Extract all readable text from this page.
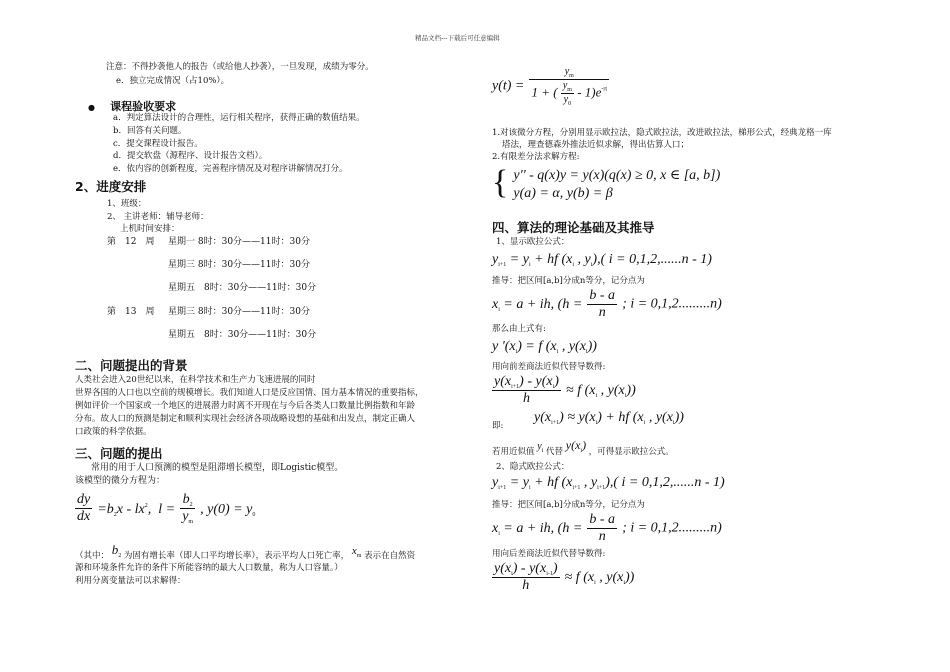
精品文档---下载后可任意编辑
注意：不得抄袭他人的报告（或给他人抄袭），一旦发现，成绩为零分。
e．独立完成情况（占10%）。
● 课程验收要求
a．判定算法设计的合理性，运行相关程序，获得正确的数值结果。
b．回答有关问题。
c．提交课程设计报告。
d．提交软盘（源程序、设计报告文档）。
e．依内容的创新程度，完善程序情况及对程序讲解情况打分。
2、进度安排
1、班级：
2、 主讲老师：辅导老师：
上机时间安排：
第　12　周 星期一 8时：30分——11时：30分
星期三 8时：30分——11时：30分
星期五　8时：30分——11时：30分
第　13　周 星期三 8时：30分——11时：30分
星期五　8时：30分——11时：30分
二、问题提出的背景
人类社会进入20世纪以来，在科学技术和生产力飞速进展的同时
世界各国的人口也以空前的规模增长。我们知道人口是反应国情、国力基本情况的重要指标，
例如评价一个国家或一个地区的进展潜力时离不开现在与今后各类人口数量比例指数和年龄
分布。故人口的预测是制定和顺利实现社会经济各项战略设想的基础和出发点，制定正确人
口政策的科学依据。
三、问题的提出
常用的用于人口预测的模型是阻滞增长模型，即Logistic模型。
该模型的微分方程为：
$\frac{dy}{dx} =b_2x - lx^2$,  $l = \frac{b_2}{y_m}$ , $y(0) = y_0$
（其中： $b_2$ 为固有增长率（即人口平均增长率），表示平均人口死亡率， $x_m$ 表示在自然资
源和环境条件允许的条件下所能容纳的最大人口数量，称为人口容量。）
利用分离变量法可以求解得：
$y(t) = \frac{y_m}{1 + ( \frac{y_m}{y_0} - 1)e^{-rt}}$
1.对该微分方程，分别用显示欧拉法，隐式欧拉法，改进欧拉法，梯形公式，经典龙格一库
塔法，理查德森外推法近似求解，得出估算人口；
2.有限差分法求解方程:
{ y'' - q(x)y = y(x)(q(x) ≥ 0, x ∈ [a, b])
y(a) = α, y(b) = β
四、算法的理论基础及其推导
1、显示欧拉公式：
$y_{i+1} = y_i$ + hf ($x_i$ , $y_i$),( i = 0,1,2,......n - 1)
推导：把区间[a,b]分成n等分，记分点为
$x_i = a$ + ih, ($h = \frac{b - a}{n}$ ; i = 0,1,2.........n)
那么由上式有:
y '$(x_i) = f$ ($x_i$ , $y(x_i)$)
用向前差商法近似代替导数得:
$\frac{y(x_{i+1}) - y(x_i)}{h} \approx f$ ($x_i$ , $y(x_i)$)
即:
$y(x_{i+1}) \approx y(x_i)$ + hf ($x_i$ , $y(x_i)$)
若用近似值 $y_i$ 代替 $y(x_i)$ ，可得显示欧拉公式。
2、隐式欧拉公式：
$y_{i+1} = y_i$ + hf ($x_{i+1}$ , $y_{i+1}$),( i = 0,1,2,......n - 1)
推导：把区间[a,b]分成n等分，记分点为
$x_i = a$ + ih, ($h = \frac{b - a}{n}$ ; i = 0,1,2.........n)
用向后差商法近似代替导数得:
$\frac{y(x_i) - y(x_{i-1})}{h} \approx f$ ($x_i$ , $y(x_i)$)
